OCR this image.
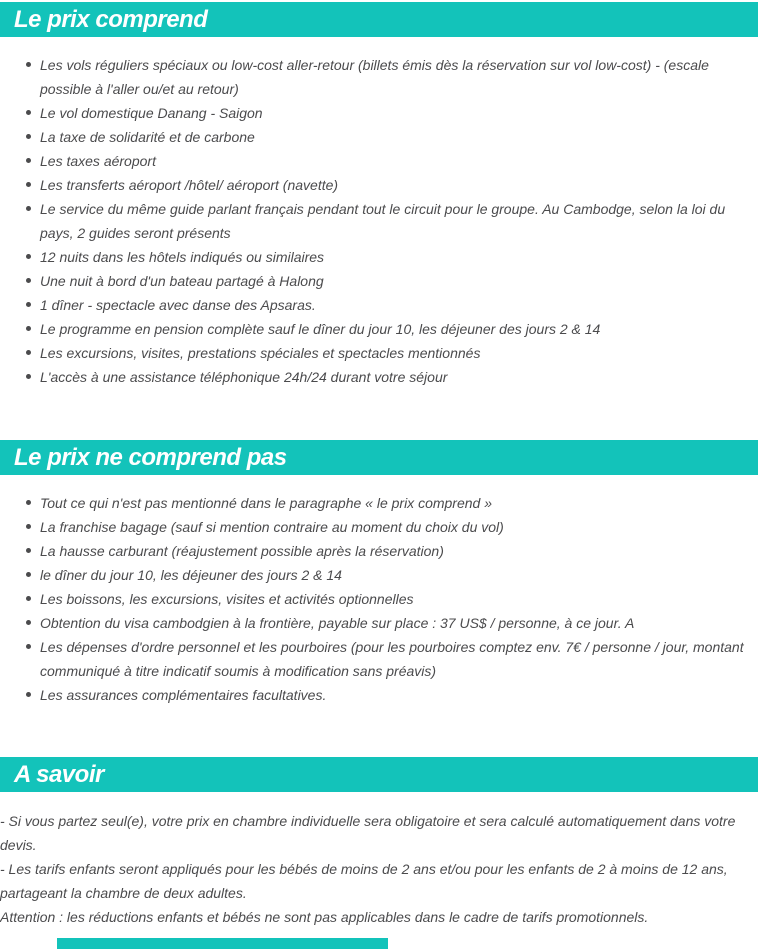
Le prix comprend
Les vols réguliers spéciaux ou low-cost aller-retour (billets émis dès la réservation sur vol low-cost) - (escale possible à l'aller ou/et au retour)
Le vol domestique Danang - Saigon
La taxe de solidarité et de carbone
Les taxes aéroport
Les transferts aéroport /hôtel/ aéroport (navette)
Le service du même guide parlant français pendant tout le circuit pour le groupe. Au Cambodge, selon la loi du pays, 2 guides seront présents
12 nuits dans les hôtels indiqués ou similaires
Une nuit à bord d'un bateau partagé à Halong
1 dîner - spectacle avec danse des Apsaras.
Le programme en pension complète sauf le dîner du jour 10, les déjeuner des jours 2 & 14
Les excursions, visites, prestations spéciales et spectacles mentionnés
L'accès à une assistance téléphonique 24h/24 durant votre séjour
Le prix ne comprend pas
Tout ce qui n'est pas mentionné dans le paragraphe « le prix comprend »
La franchise bagage (sauf si mention contraire au moment du choix du vol)
La hausse carburant (réajustement possible après la réservation)
le dîner du jour 10, les déjeuner des jours 2 & 14
Les boissons, les excursions, visites et activités optionnelles
Obtention du visa cambodgien à la frontière, payable sur place : 37 US$ / personne, à ce jour. A
Les dépenses d'ordre personnel et les pourboires (pour les pourboires comptez env. 7€ / personne / jour, montant communiqué à titre indicatif soumis à modification sans préavis)
Les assurances complémentaires facultatives.
A savoir

- Si vous partez seul(e), votre prix en chambre individuelle sera obligatoire et sera calculé automatiquement dans votre devis.

- Les tarifs enfants seront appliqués pour les bébés de moins de 2 ans et/ou pour les enfants de 2 à moins de 12 ans, partageant la chambre de deux adultes.

Attention : les réductions enfants et bébés ne sont pas applicables dans le cadre de tarifs promotionnels.
